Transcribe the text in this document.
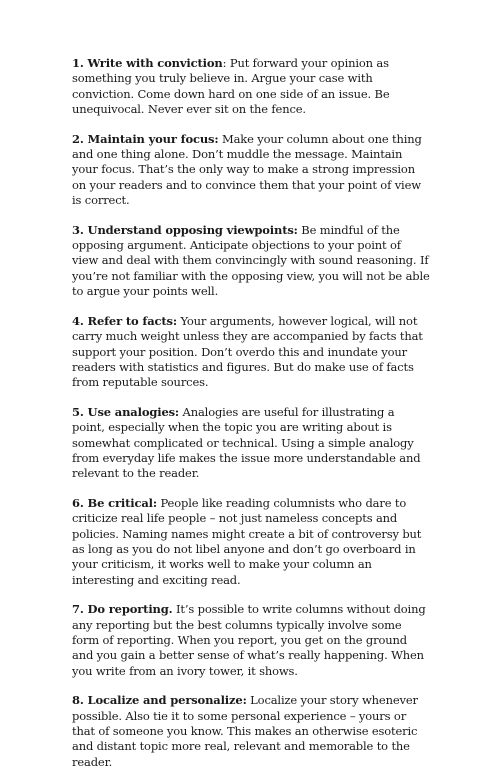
1. Write with conviction: Put forward your opinion as something you truly believe in. Argue your case with conviction. Come down hard on one side of an issue. Be unequivocal. Never ever sit on the fence.

2. Maintain your focus: Make your column about one thing and one thing alone. Don’t muddle the message. Maintain your focus. That’s the only way to make a strong impression on your readers and to convince them that your point of view is correct.

3. Understand opposing viewpoints: Be mindful of the opposing argument. Anticipate objections to your point of view and deal with them convincingly with sound reasoning. If you’re not familiar with the opposing view, you will not be able to argue your points well.

4. Refer to facts: Your arguments, however logical, will not carry much weight unless they are accompanied by facts that support your position. Don’t overdo this and inundate your readers with statistics and figures. But do make use of facts from reputable sources.

5. Use analogies: Analogies are useful for illustrating a point, especially when the topic you are writing about is somewhat complicated or technical. Using a simple analogy from everyday life makes the issue more understandable and relevant to the reader.

6. Be critical: People like reading columnists who dare to criticize real life people – not just nameless concepts and policies. Naming names might create a bit of controversy but as long as you do not libel anyone and don’t go overboard in your criticism, it works well to make your column an interesting and exciting read.

7. Do reporting. It’s possible to write columns without doing any reporting but the best columns typically involve some form of reporting. When you report, you get on the ground and you gain a better sense of what’s really happening. When you write from an ivory tower, it shows.

8. Localize and personalize: Localize your story whenever possible. Also tie it to some personal experience – yours or that of someone you know. This makes an otherwise esoteric and distant topic more real, relevant and memorable to the reader.
